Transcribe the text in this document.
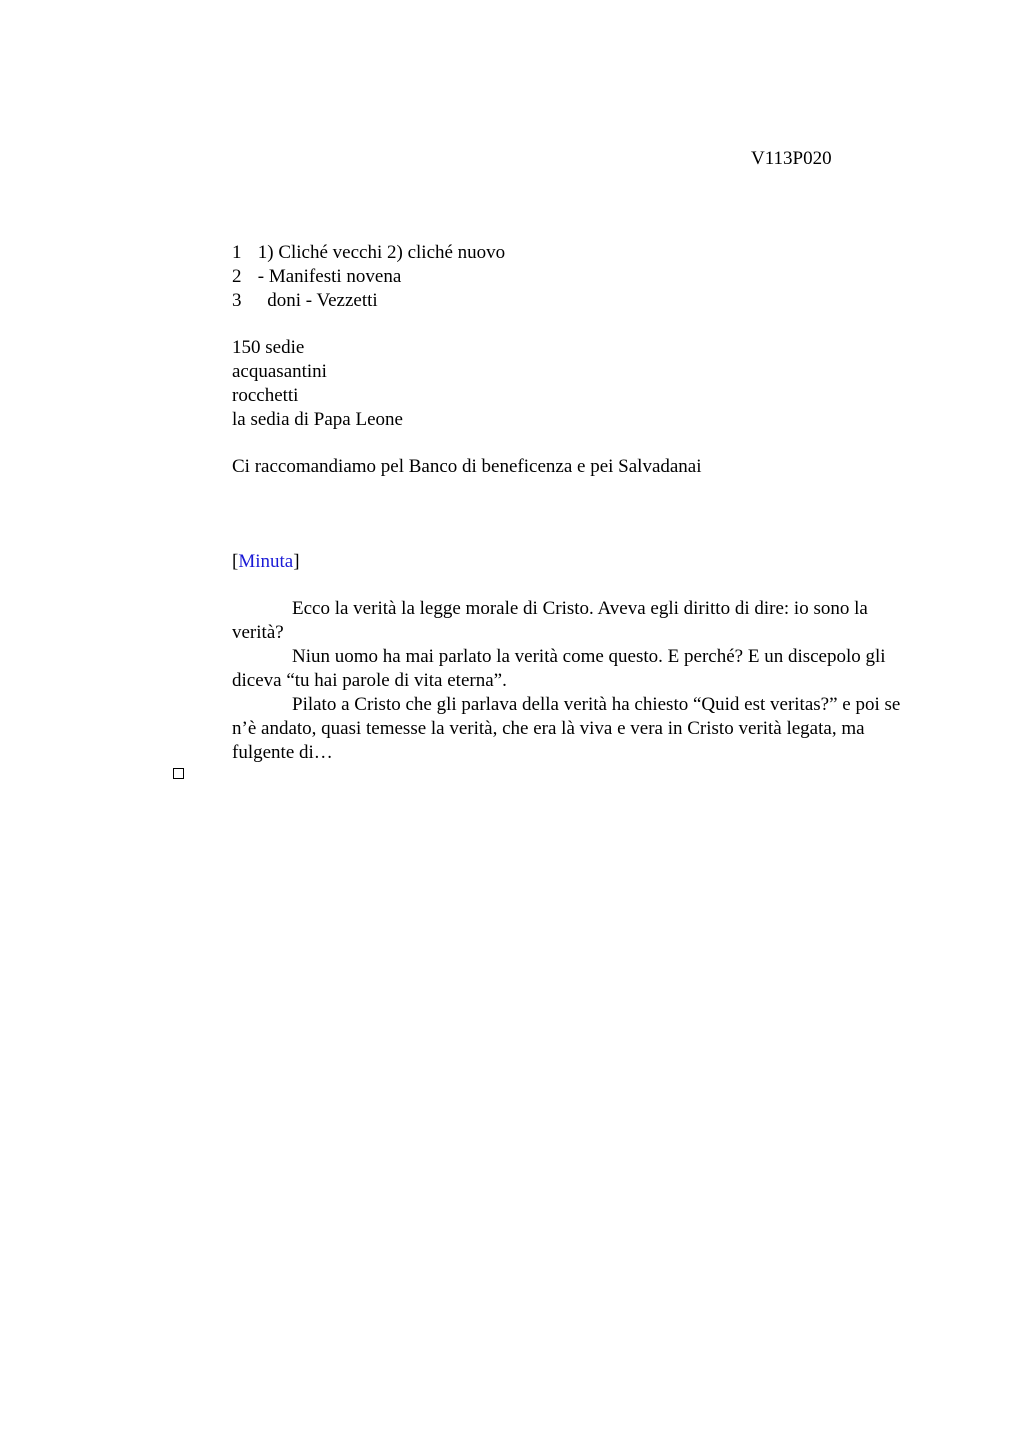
V113P020
1 1) Cliché vecchi 2) cliché nuovo
2 - Manifesti novena
3   doni - Vezzetti
150 sedie
acquasantini
rocchetti
la sedia di Papa Leone
Ci raccomandiamo pel Banco di beneficenza e pei Salvadanai
[Minuta]

Ecco la verità la legge morale di Cristo. Aveva egli diritto di dire: io sono la verità?

Niun uomo ha mai parlato la verità come questo. E perché? E un discepolo gli diceva “tu hai parole di vita eterna”.

Pilato a Cristo che gli parlava della verità ha chiesto “Quid est veritas?” e poi se n’è andato, quasi temesse la verità, che era là viva e vera in Cristo verità legata, ma fulgente di…
